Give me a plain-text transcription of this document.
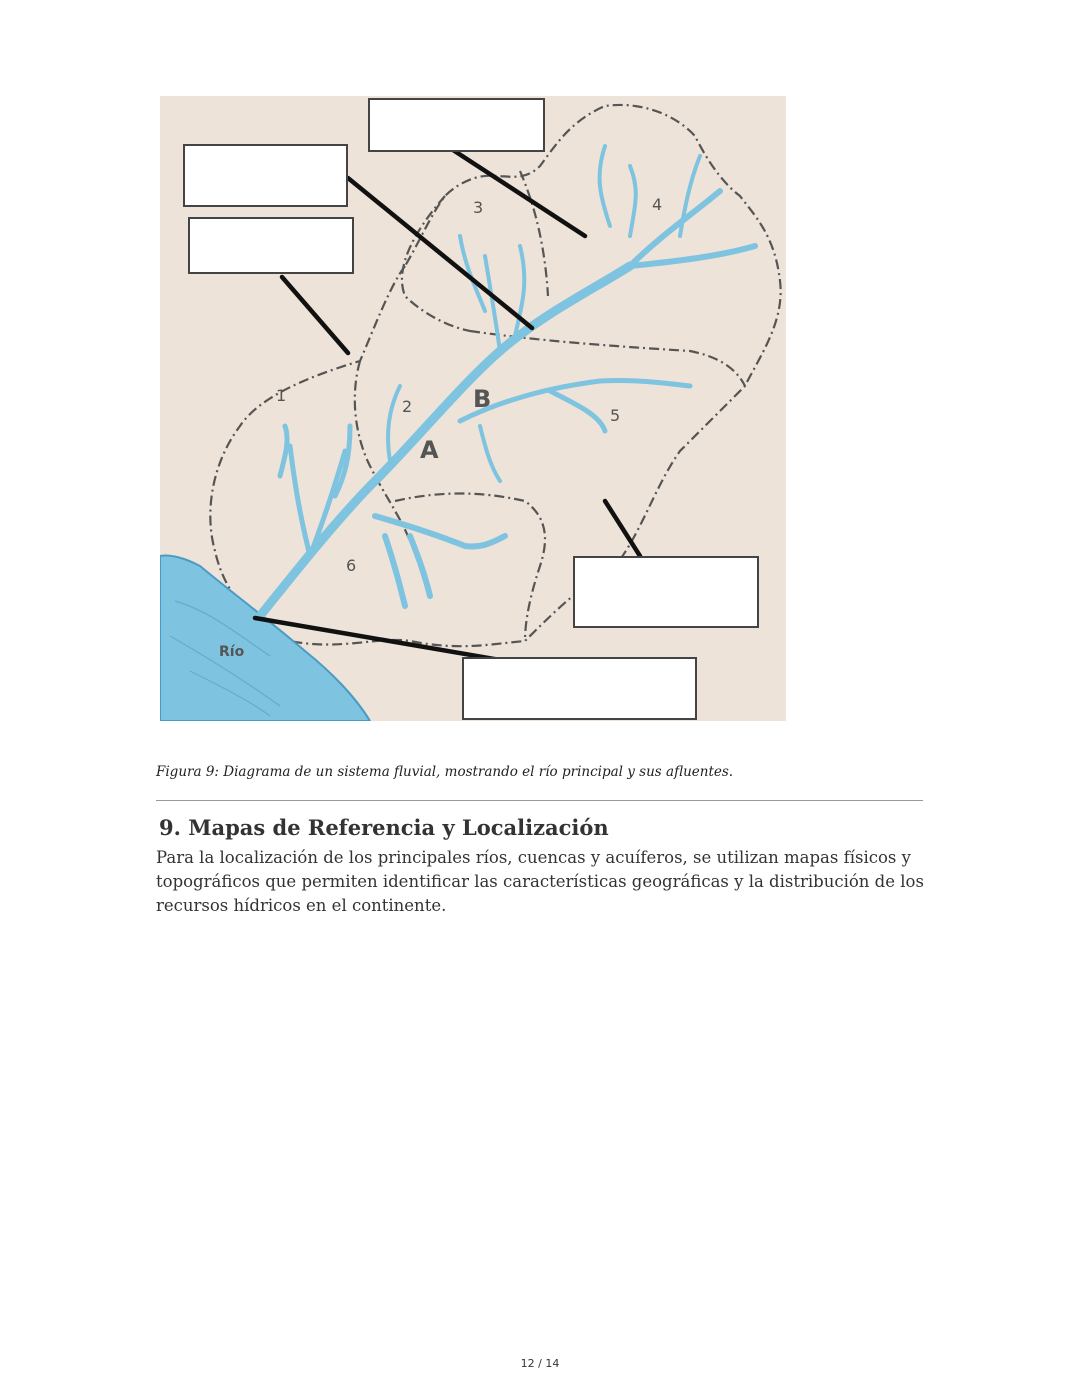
1
2
3	4
5
6
A
B
Río
Figura 9: Diagrama de un sistema fluvial, mostrando el río principal y sus afluentes.
9. Mapas de Referencia y Localización

Para la localización de los principales ríos, cuencas y acuíferos, se utilizan mapas físicos y topográficos que permiten identificar las características geográficas y la distribución de los recursos hídricos en el continente.

12 / 14
